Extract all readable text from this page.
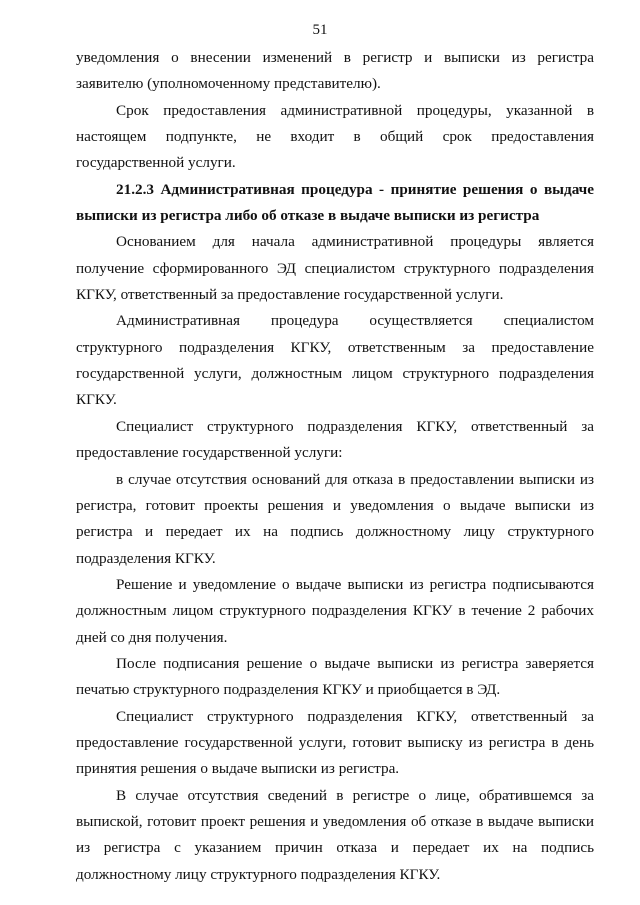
51

уведомления о внесении изменений в регистр и выписки из регистра заявителю (уполномоченному представителю).

Срок предоставления административной процедуры, указанной в настоящем подпункте, не входит в общий срок предоставления государственной услуги.

21.2.3 Административная процедура - принятие решения о выдаче выписки из регистра либо об отказе в выдаче выписки из регистра

Основанием для начала административной процедуры является получение сформированного ЭД специалистом структурного подразделения КГКУ, ответственный за предоставление государственной услуги.

Административная процедура осуществляется специалистом структурного подразделения КГКУ, ответственным за предоставление государственной услуги, должностным лицом структурного подразделения КГКУ.

Специалист структурного подразделения КГКУ, ответственный за предоставление государственной услуги:

в случае отсутствия оснований для отказа в предоставлении выписки из регистра, готовит проекты решения и уведомления о выдаче выписки из регистра и передает их на подпись должностному лицу структурного подразделения КГКУ.

Решение и уведомление о выдаче выписки из регистра подписываются должностным лицом структурного подразделения КГКУ в течение 2 рабочих дней со дня получения.

После подписания решение о выдаче выписки из регистра заверяется печатью структурного подразделения КГКУ и приобщается в ЭД.

Специалист структурного подразделения КГКУ, ответственный за предоставление государственной услуги, готовит выписку из регистра в день принятия решения о выдаче выписки из регистра.

В случае отсутствия сведений в регистре о лице, обратившемся за выпиской, готовит проект решения и уведомления об отказе в выдаче выписки из регистра с указанием причин отказа и передает их на подпись должностному лицу структурного подразделения КГКУ.
